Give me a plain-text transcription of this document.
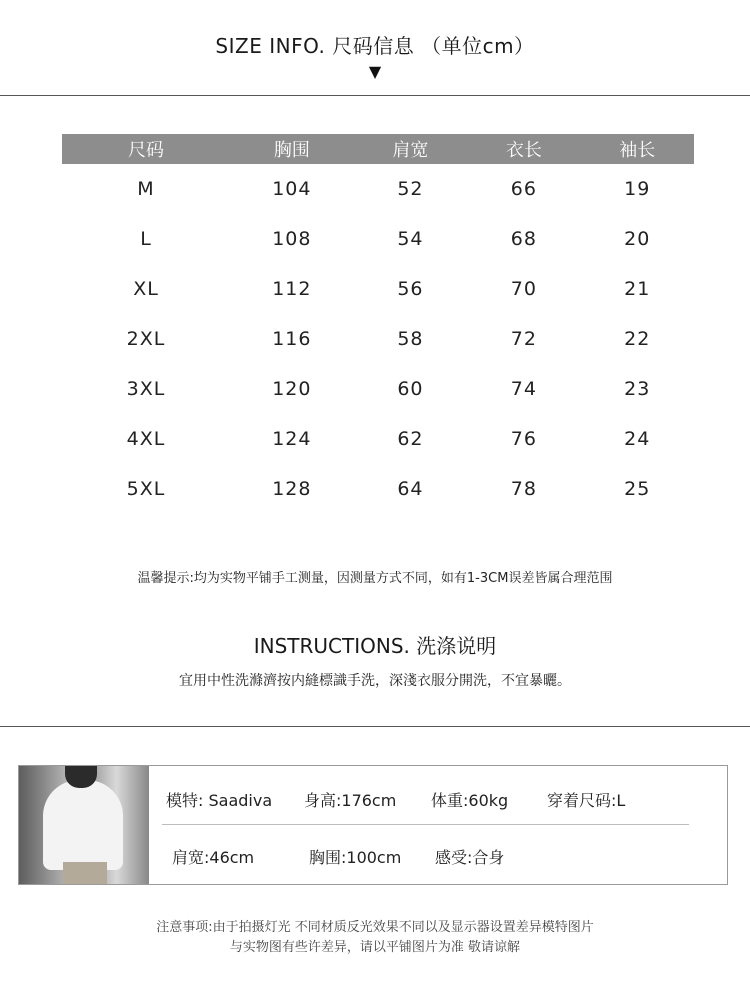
SIZE INFO. 尺码信息 （单位cm）
▼
尺码	胸围	肩宽	衣长	袖长
M	104	52	66	19
L	108	54	68	20
XL	112	56	70	21
2XL	116	58	72	22
3XL	120	60	74	23
4XL	124	62	76	24
5XL	128	64	78	25
温馨提示:均为实物平铺手工测量，因测量方式不同，如有1-3CM误差皆属合理范围
INSTRUCTIONS. 洗涤说明
宜用中性洗滌濟按内縫標識手洗，深淺衣服分開洗，不宜暴曬。
模特: Saadiva 身高:176cm 体重:60kg 穿着尺码:L
肩宽:46cm	胸围:100cm 感受:合身
注意事项:由于拍摄灯光 不同材质反光效果不同以及显示器设置差异模特图片
与实物图有些许差异，请以平铺图片为准 敬请谅解
